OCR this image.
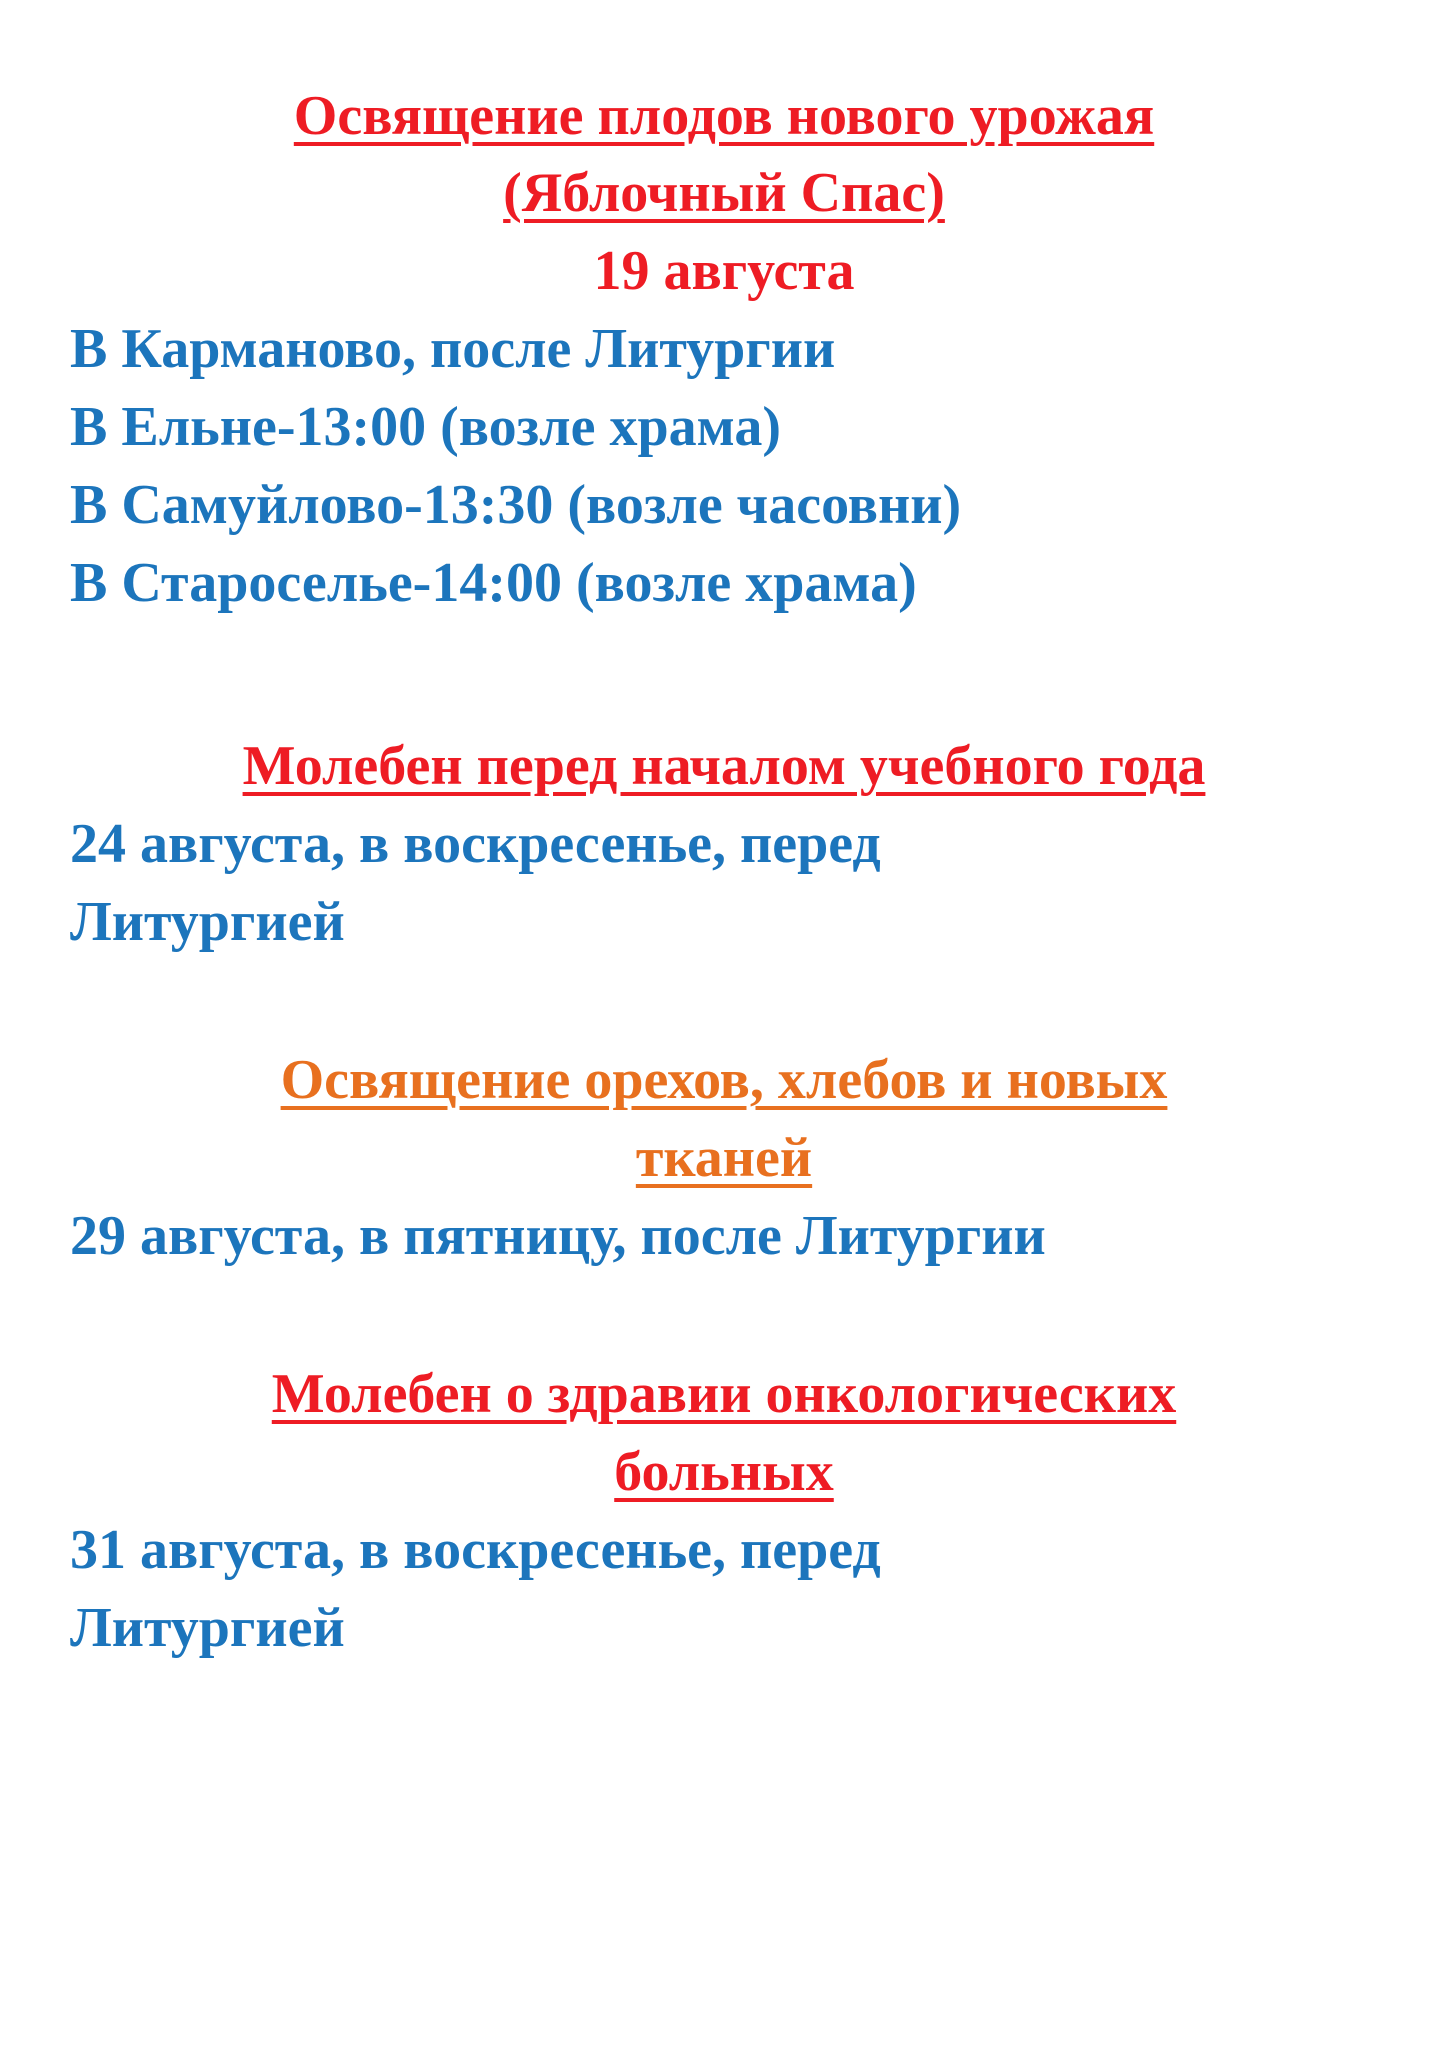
Освящение плодов нового урожая
(Яблочный Спас)
19 августа
В Карманово, после Литургии
В Ельне-13:00 (возле храма)
В Самуйлово-13:30 (возле часовни)
В Староселье-14:00 (возле храма)
Молебен перед началом учебного года
24 августа, в воскресенье, перед
Литургией
Освящение орехов, хлебов и новых
тканей
29 августа, в пятницу, после Литургии
Молебен о здравии онкологических
больных
31 августа, в воскресенье, перед
Литургией
